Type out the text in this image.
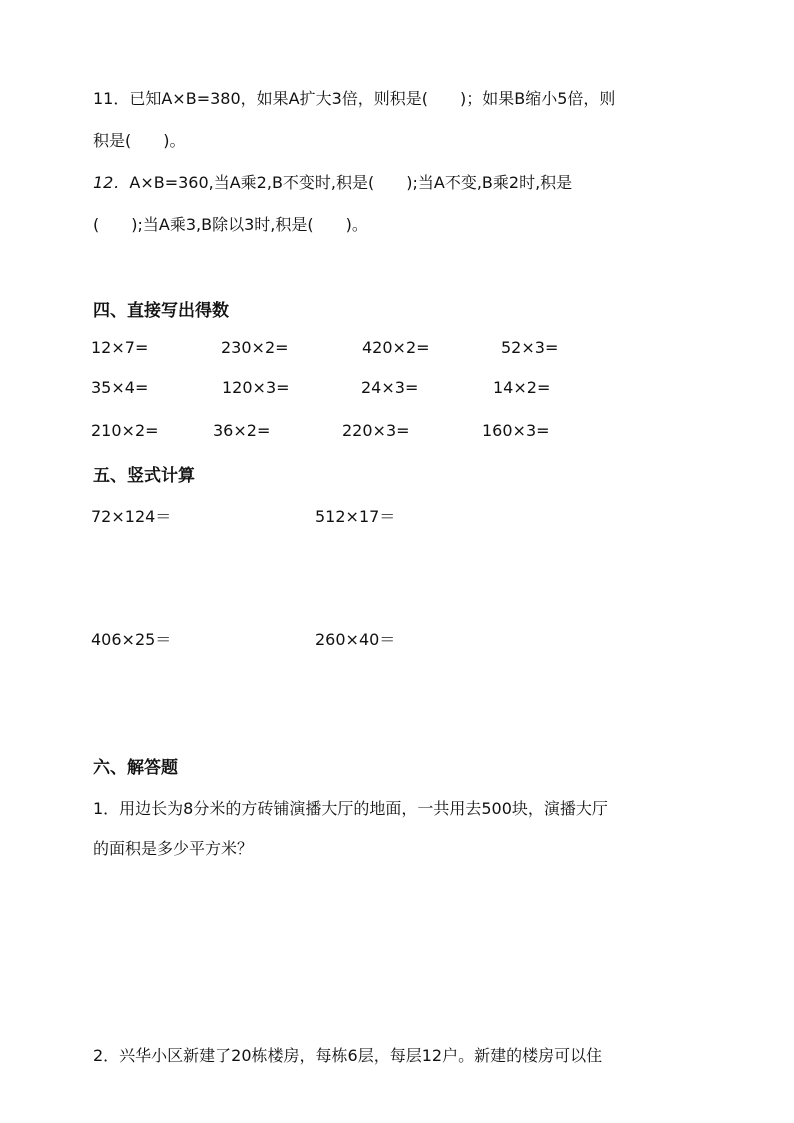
11．已知A×B=380，如果A扩大3倍，则积是(　　)；如果B缩小5倍，则
积是(　　)。
12．A×B=360,当A乘2,B不变时,积是(　　);当A不变,B乘2时,积是
(　　);当A乘3,B除以3时,积是(　　)。
四、直接写出得数
12×7=	230×2=	420×2=	52×3=
35×4=	120×3=	24×3=	14×2=
210×2=	36×2=	220×3=	160×3=
五、竖式计算
72×124＝	512×17＝
406×25＝	260×40＝
六、解答题
1．用边长为8分米的方砖铺演播大厅的地面，一共用去500块，演播大厅
的面积是多少平方米？
2．兴华小区新建了20栋楼房，每栋6层，每层12户。新建的楼房可以住
